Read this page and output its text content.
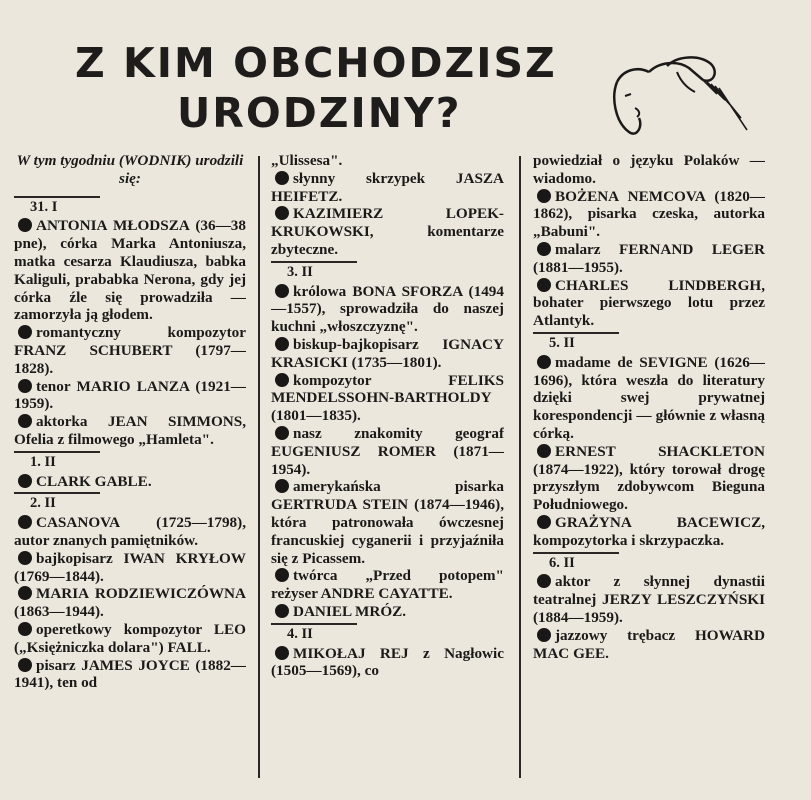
Z KIM OBCHODZISZ
URODZINY?

W tym tygodniu (WODNIK) urodzili się:

31. I

ANTONIA MŁODSZA (36—38 pne), córka Marka Antoniusza, matka cesarza Klaudiusza, babka Kaliguli, prababka Nerona, gdy jej córka źle się prowadziła — zamorzyła ją głodem.

romantyczny kompozytor FRANZ SCHUBERT (1797—1828).

tenor MARIO LANZA (1921—1959).

aktorka JEAN SIMMONS, Ofelia z filmowego „Hamleta".

1. II

CLARK GABLE.

2. II

CASANOVA (1725—1798), autor znanych pamiętników.

bajkopisarz IWAN KRYŁOW (1769—1844).

MARIA RODZIEWICZÓWNA (1863—1944).

operetkowy kompozytor LEO („Księżniczka dolara") FALL.

pisarz JAMES JOYCE (1882—1941), ten od

„Ulissesa".

słynny skrzypek JASZA HEIFETZ.

KAZIMIERZ LOPEK-KRUKOWSKI, komentarze zbyteczne.

3. II

królowa BONA SFORZA (1494—1557), sprowadziła do naszej kuchni „włoszczyznę".

biskup-bajkopisarz IGNACY KRASICKI (1735—1801).

kompozytor FELIKS MENDELSSOHN-BARTHOLDY (1801—1835).

nasz znakomity geograf EUGENIUSZ ROMER (1871—1954).

amerykańska pisarka GERTRUDA STEIN (1874—1946), która patronowała ówczesnej francuskiej cyganerii i przyjaźniła się z Picassem.

twórca „Przed potopem" reżyser ANDRE CAYATTE.

DANIEL MRÓZ.

4. II

MIKOŁAJ REJ z Nagłowic (1505—1569), co

powiedział o języku Polaków — wiadomo.

BOŻENA NEMCOVA (1820—1862), pisarka czeska, autorka „Babuni".

malarz FERNAND LEGER (1881—1955).

CHARLES LINDBERGH, bohater pierwszego lotu przez Atlantyk.

5. II

madame de SEVIGNE (1626—1696), która weszła do literatury dzięki swej prywatnej korespondencji — głównie z własną córką.

ERNEST SHACKLETON (1874—1922), który torował drogę przyszłym zdobywcom Bieguna Południowego.

GRAŻYNA BACEWICZ, kompozytorka i skrzypaczka.

6. II

aktor z słynnej dynastii teatralnej JERZY LESZCZYŃSKI (1884—1959).

jazzowy trębacz HOWARD MAC GEE.
